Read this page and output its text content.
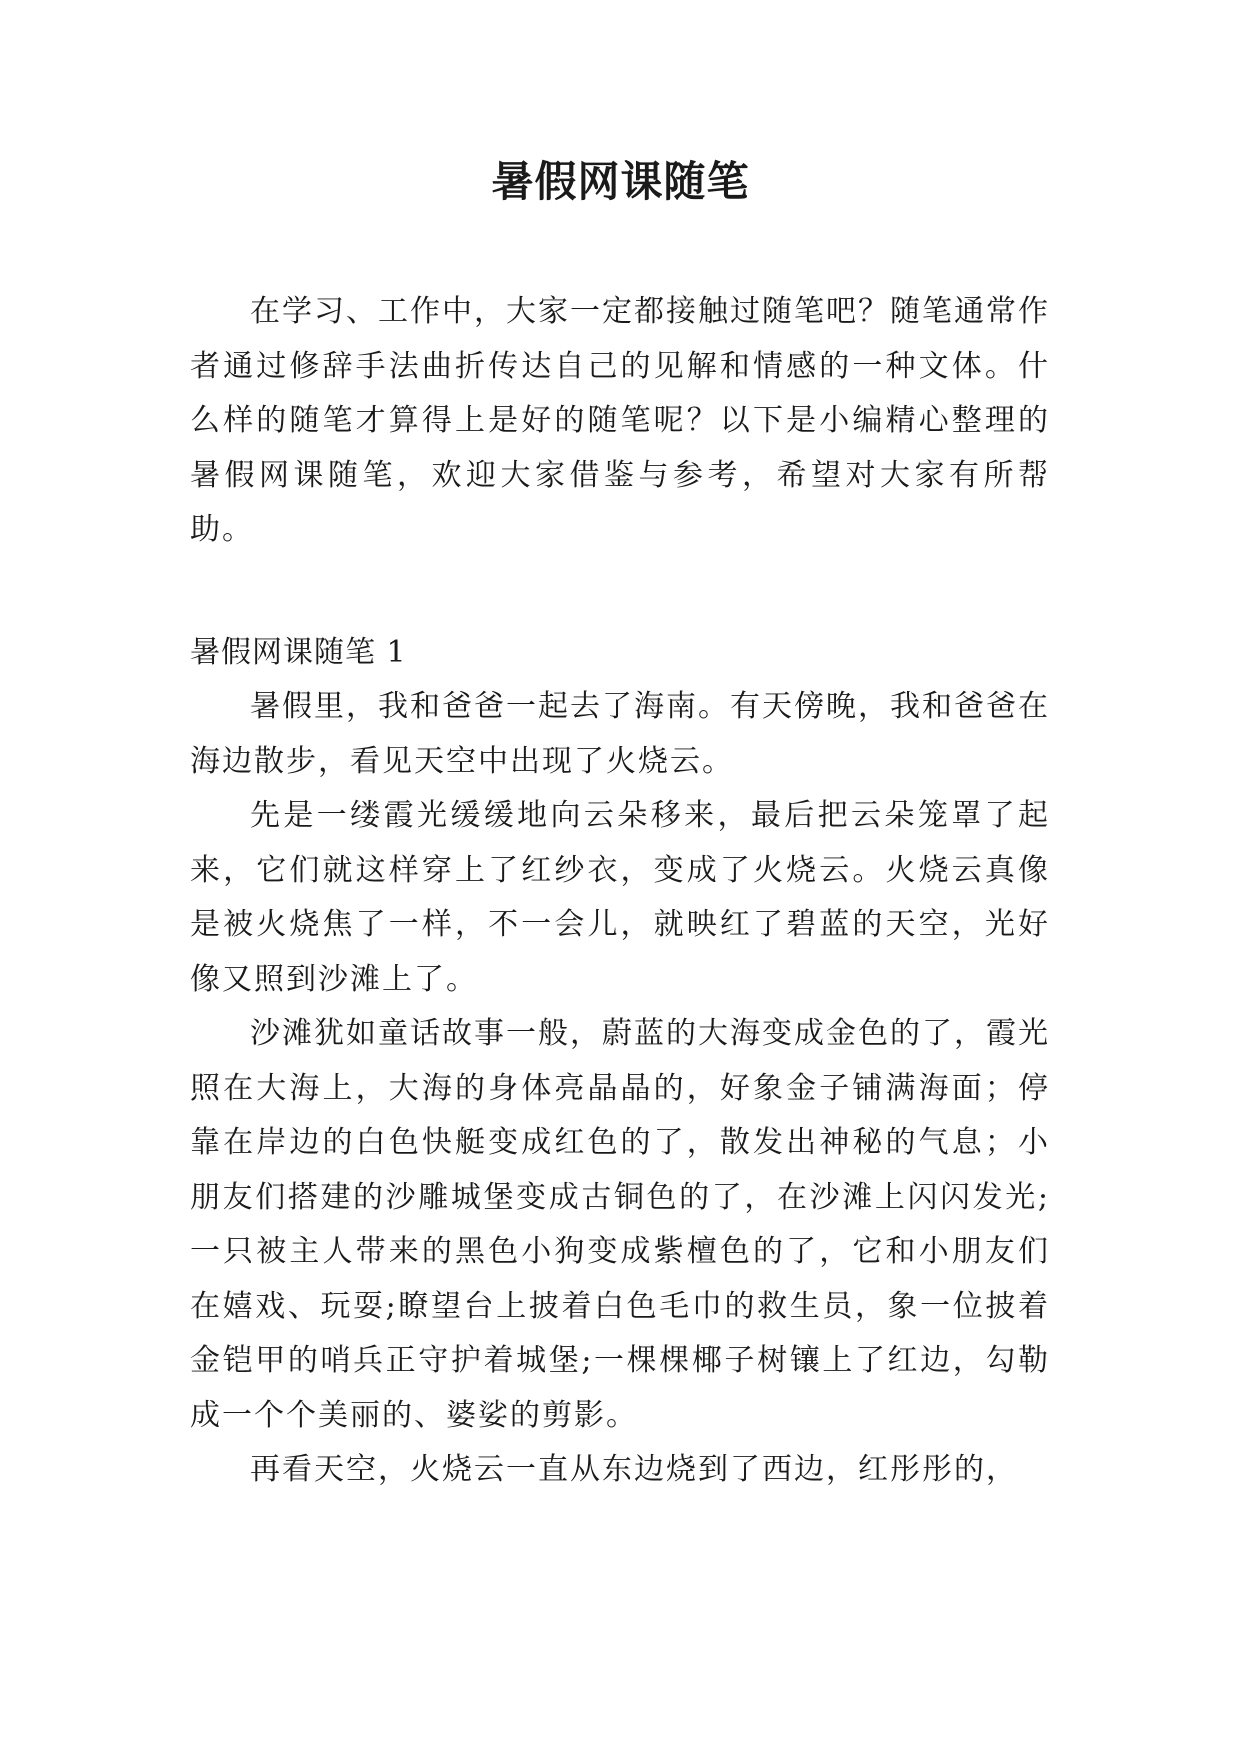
暑假网课随笔

在学习、工作中，大家一定都接触过随笔吧？随笔通常作者通过修辞手法曲折传达自己的见解和情感的一种文体。什么样的随笔才算得上是好的随笔呢？以下是小编精心整理的暑假网课随笔，欢迎大家借鉴与参考，希望对大家有所帮助。

暑假网课随笔 1

暑假里，我和爸爸一起去了海南。有天傍晚，我和爸爸在海边散步，看见天空中出现了火烧云。

先是一缕霞光缓缓地向云朵移来，最后把云朵笼罩了起来，它们就这样穿上了红纱衣，变成了火烧云。火烧云真像是被火烧焦了一样，不一会儿，就映红了碧蓝的天空，光好像又照到沙滩上了。

沙滩犹如童话故事一般，蔚蓝的大海变成金色的了，霞光照在大海上，大海的身体亮晶晶的，好象金子铺满海面；停靠在岸边的白色快艇变成红色的了，散发出神秘的气息；小朋友们搭建的沙雕城堡变成古铜色的了，在沙滩上闪闪发光;一只被主人带来的黑色小狗变成紫檀色的了，它和小朋友们在嬉戏、玩耍;瞭望台上披着白色毛巾的救生员，象一位披着金铠甲的哨兵正守护着城堡;一棵棵椰子树镶上了红边，勾勒成一个个美丽的、婆娑的剪影。

再看天空，火烧云一直从东边烧到了西边，红彤彤的，
